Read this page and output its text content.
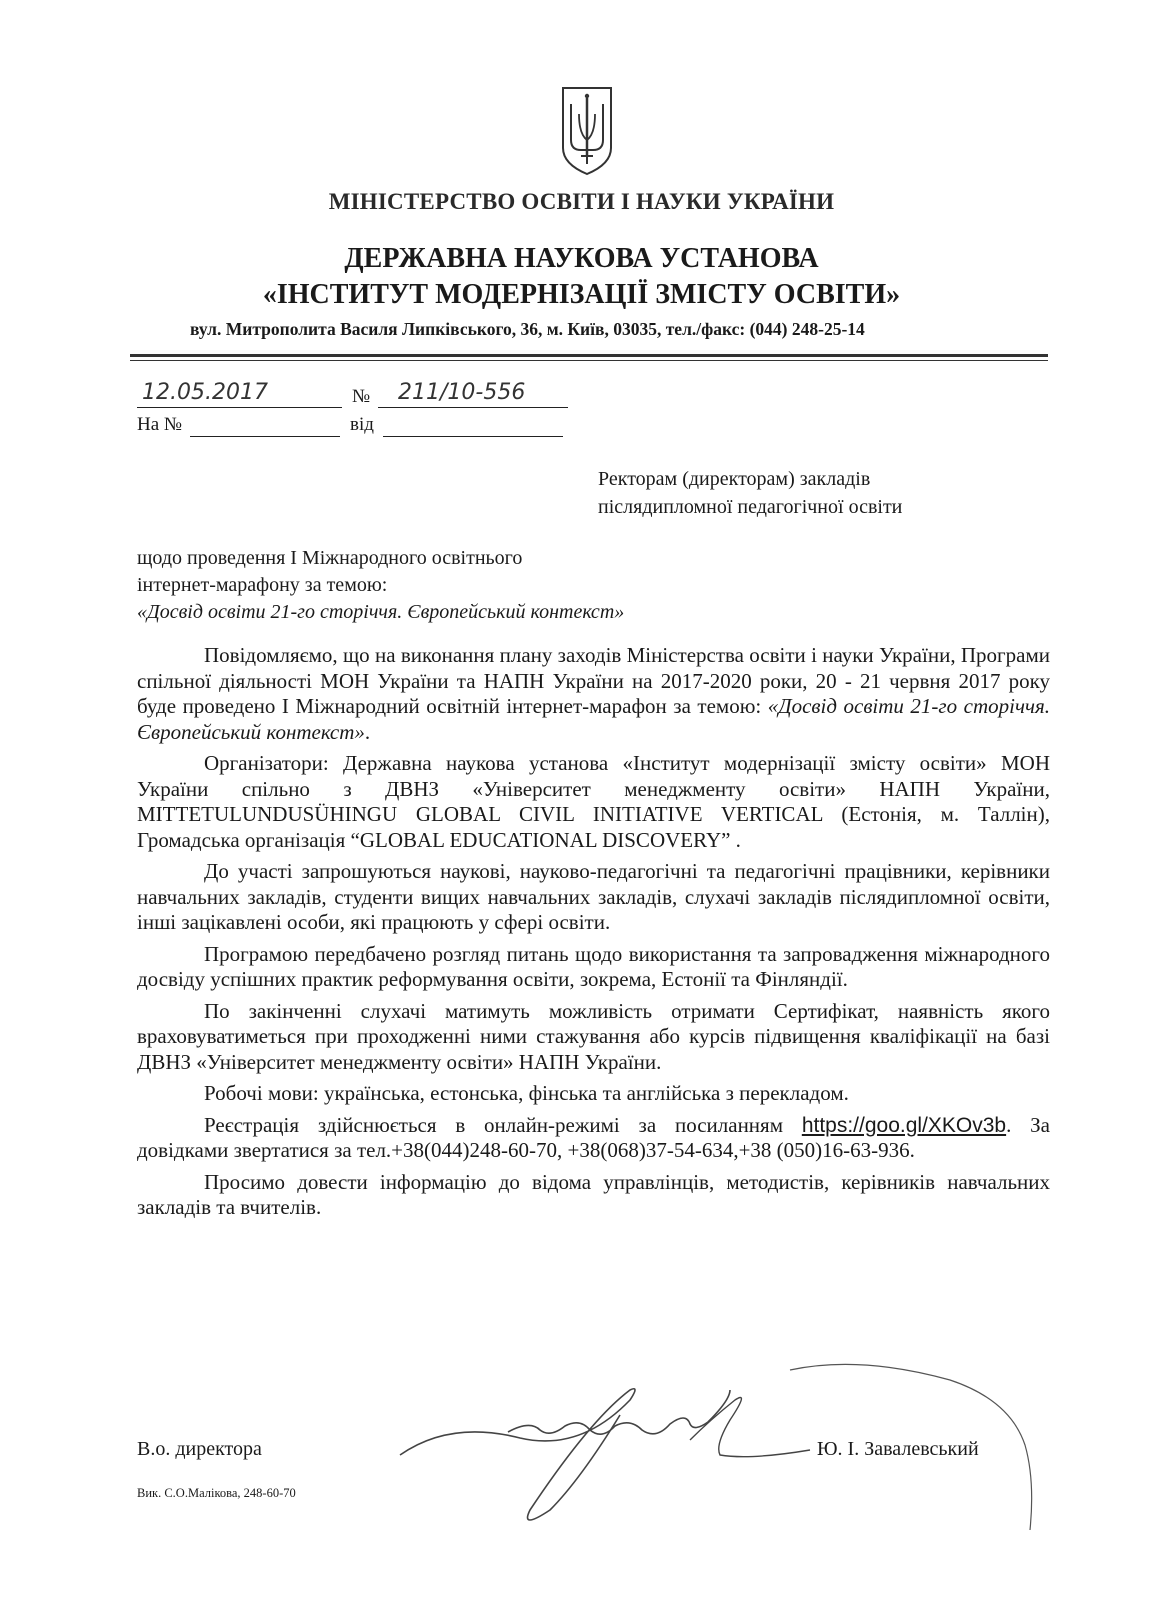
МІНІСТЕРСТВО ОСВІТИ І НАУКИ УКРАЇНИ
ДЕРЖАВНА НАУКОВА УСТАНОВА
«ІНСТИТУТ МОДЕРНІЗАЦІЇ ЗМІСТУ ОСВІТИ»
вул. Митрополита Василя Липківського, 36, м. Київ, 03035, тел./факс: (044) 248-25-14
12.05.2017	№ 211/10-556
На №	від
Ректорам (директорам) закладів
післядипломної педагогічної освіти
щодо проведення І Міжнародного освітнього
інтернет-марафону за темою:
«Досвід освіти 21-го сторіччя. Європейський контекст»

Повідомляємо, що на виконання плану заходів Міністерства освіти і науки України, Програми спільної діяльності МОН України та НАПН України на 2017-2020 роки, 20 - 21 червня 2017 року буде проведено І Міжнародний освітній інтернет-марафон за темою: «Досвід освіти 21-го сторіччя. Європейський контекст».

Організатори: Державна наукова установа «Інститут модернізації змісту освіти» МОН України спільно з ДВНЗ «Університет менеджменту освіти» НАПН України, MITTETULUNDUSÜHINGU GLOBAL CIVIL INITIATIVE VERTICAL (Естонія, м. Таллін), Громадська організація “GLOBAL EDUCATIONAL DISCOVERY” .

До участі запрошуються наукові, науково-педагогічні та педагогічні працівники, керівники навчальних закладів, студенти вищих навчальних закладів, слухачі закладів післядипломної освіти, інші зацікавлені особи, які працюють у сфері освіти.

Програмою передбачено розгляд питань щодо використання та запровадження міжнародного досвіду успішних практик реформування освіти, зокрема, Естонії та Фінляндії.

По закінченні слухачі матимуть можливість отримати Сертифікат, наявність якого враховуватиметься при проходженні ними стажування або курсів підвищення кваліфікації на базі ДВНЗ «Університет менеджменту освіти» НАПН України.

Робочі мови: українська, естонська, фінська та англійська з перекладом.

Реєстрація здійснюється в онлайн-режимі за посиланням https://goo.gl/XKOv3b. За довідками звертатися за тел.+38(044)248-60-70, +38(068)37-54-634,+38 (050)16-63-936.

Просимо довести інформацію до відома управлінців, методистів, керівників навчальних закладів та вчителів.

В.о. директора	Ю. І. Завалевський
Вик. С.О.Малікова, 248-60-70
